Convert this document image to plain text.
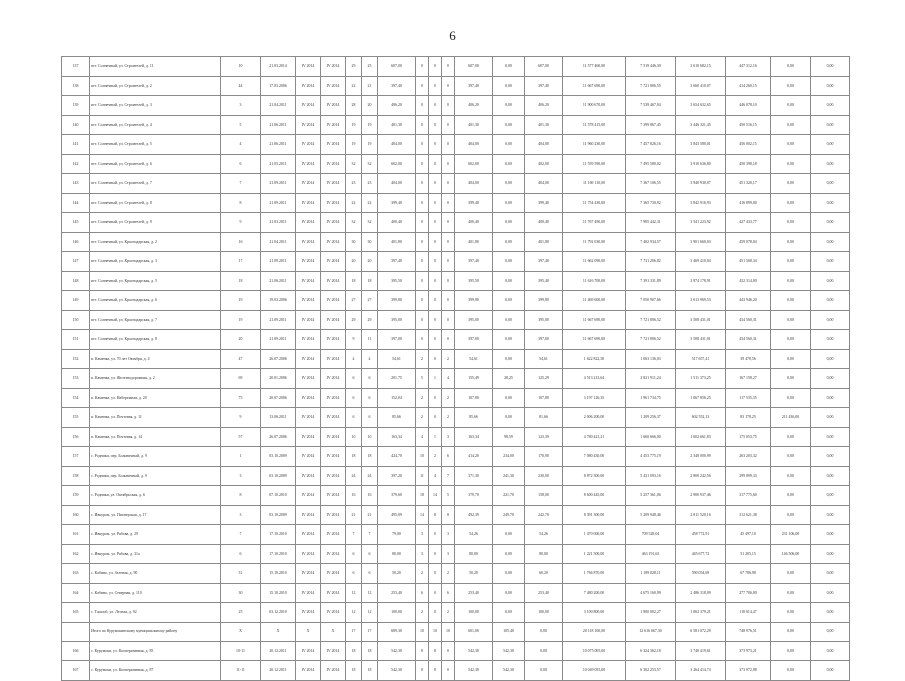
6
137	пгт. Солнечный, ул. Строителей, д. 11	10	21.03.2014	IV 2014	IV 2014	29	25	607,00	0	0	0	607,00	0,00	607,00	11 577 460,00	7 519 446,30	3 610 682,15	447 312,16	0,00	0,00
138	пгт. Солнечный, ул. Строителей, д. 2	44	17.03.2006	IV 2014	IV 2014	22	21	397,40	0	0	0	397,40	0,00	397,40	11 667 690,00	7 721 806,55	3 660 410,07	414 260,15	0,00	0,00
139	пгт. Солнечный, ул. Строителей, д. 3	3	21.04.2011	IV 2014	IV 2014	28	20	406,20	0	0	0	406,20	0,00	406,20	11 900 670,00	7 539 467,04	3 654 632,65	446 078,10	0,00	0,00
140	пгт. Солнечный, ул. Строителей, д. 4	5	21.06.2011	IV 2014	IV 2014	19	19	401,30	0	0	0	401,30	0,00	401,30	11 578 415,00	7 399 867,45	3 446 321,45	450 516,15	0,00	0,00
141	пгт. Солнечный, ул. Строителей, д. 5	4	21.06.2011	IV 2014	IV 2014	19	19	404,00	0	0	0	404,00	0,00	404,00	11 960 230,00	7 457 826,16	3 843 580,01	456 002,15	0,00	0,00
142	пгт. Солнечный, ул. Строителей, д. 6	6	21.05.2011	IV 2014	IV 2014	32	32	602,00	0	0	0	602,00	0,00	402,00	11 559 590,00	7 495 580,02	3 910 636,80	450 398,18	0,00	0,00
143	пгт. Солнечный, ул. Строителей, д. 7	7	21.09.2011	IV 2014	IV 2014	23	23	404,00	0	0	0	404,00	0,00	404,00	11 169 110,00	7 367 106,55	3 940 930,07	451 320,17	0,00	0,00
144	пгт. Солнечный, ул. Строителей, д. 8	8	21.09.2011	IV 2014	IV 2014	22	22	399,40	0	0	0	399,40	0,00	399,40	11 754 430,00	7 365 730,92	3 842 916,93	416 899,00	0,00	0,00
145	пгт. Солнечный, ул. Строителей, д. 9	9	21.03.2011	IV 2014	IV 2014	32	32	400,40	0	0	0	400,40	0,00	400,40	11 767 490,00	7 985 442,31	3 541 223,92	427 433,77	0,00	0,00
146	пгт. Солнечный, ул. Краснодарская, д. 2	16	21.04.2011	IV 2014	IV 2014	30	30	401,80	0	0	0	401,80	0,00	401,80	11 792 030,00	7 402 934,57	3 901 660,03	459 078,04	0,00	0,00
147	пгт. Солнечный, ул. Краснодарская, д. 3	17	21.09.2011	IV 2014	IV 2014	20	20	397,40	0	0	0	397,40	0,00	397,40	11 662 090,00	7 731 206,82	3 469 410,04	451 568,34	0,00	0,00
148	пгт. Солнечный, ул. Краснодарская, д. 5	18	21.06.2011	IV 2014	IV 2014	18	18	395,50	0	0	0	395,50	0,00	395,40	11 616 700,00	7 391 331,89	3 874 178,91	432 314,00	0,00	0,00
149	пгт. Солнечный, ул. Краснодарская, д. 6	19	19.03.2006	IV 2014	IV 2014	27	27	399,80	0	0	0	399,80	0,00	399,80	11 469 600,00	7 050 907,66	3 613 969,53	443 946,20	0,00	0,00
150	пгт. Солнечный, ул. Краснодарская, д. 7	19	21.09.2011	IV 2014	IV 2014	29	29	395,00	0	0	0	395,00	0,00	395,00	11 667 690,00	7 721 806,52	3 508 431,01	434 560,31	0,00	0,00
151	пгт. Солнечный, ул. Краснодарская, д. 8	20	21.09.2011	IV 2014	IV 2014	9	11	397,00	0	0	0	397,00	0,00	397,00	11 667 690,00	7 721 806,52	3 508 431,01	434 560,31	0,00	0,00
152	п. Каменка, ул. 70 лет Октября, д. 4	47	26.07.2006	IV 2014	IV 2014	4	4	54,61	2	0	2	54,61	0,00	54,61	1 622 822,50	1 063 136,03	517 657,41	39 478,56	0,00	0,00
153	п. Каменка, ул. Железнодорожная, д. 2	69	20.01.2006	IV 2014	IV 2014	6	6	201,75	5	1	4	155,49	28,25	125,29	4 513 213,64	2 821 911,24	1 511 373,25	167 158,27	0,00	0,00
154	п. Каменка, ул. Набережная, д. 20	75	20.07.2006	IV 2014	IV 2014	6	6	152,04	2	0	2	107,80	0,00	107,80	3 197 126,35	1 961 734,75	1 067 856,25	117 535,35	0,00	0,00
155	п. Каменка, ул. Почтовая, д. 11	9	13.06.2011	IV 2014	IV 2014	6	6	85,66	2	0	2	85,66	0,00	81,66	2 006 200,00	1 209 256,37	602 552,13	83 178,25	211 436,00	0,00
156	п. Каменка, ул. Почтовая, д. 14	57	26.07.2006	IV 2014	IV 2014	10	10	163,34	4	1	3	163,34	98,59	123,39	4 780 421,21	1 660 666,00	1 602 661,83	175 053,75	0,00	0,00
157	с. Родники, пер. Больничный, д. 9	1	03.10.2009	IV 2014	IV 2014	18	18	424,70	10	2	6	414,20	234,00	170,90	7 080 430,00	4 453 775,19	2 348 000,99	263 203,32	0,00	0,00
158	с. Родники, пер. Больничный, д. 9	3	03.10.2009	IV 2014	IV 2014	24	24	397,20	11	4	7	371,30	241,30	230,00	8 872 300,00	5 431 093,16	2 800 242,56	299 899,33	0,00	0,00
159	с. Родники, ул. Октябрьская, д. 6	8	07.10.2010	IV 2014	IV 2014	16	16	379,60	18	14	5	379,70	221,70	158,00	8 600 445,00	5 257 361,06	2 900 937,46	317 775,60	0,00	0,00
160	с. Ивкуром, ул. Пионерская, д. 17	3	03.10.2009	IV 2014	IV 2014	21	21	495,09	14	8	8	492,39	249,70	242,70	8 391 300,00	5 209 948,46	2 811 520,16	312 621,38	0,00	0,00
161	с. Ивкуром, ул. Рябова, д. 29	7	17.10.2010	IV 2014	IV 2014	7	7	79,00	3	0	3	54,26	0,00	54,26	1 470 000,00	709 528,04	458 772,91	45 497,10	231 106,00	0,00
162	с. Ивкуром, ул. Рябова, д. 31а	6	17.10.2010	IV 2014	IV 2014	6	6	80,00	3	0	3	80,00	0,00	80,00	1 221 500,00	463 191,63	445 677,72	51 205,15	146 506,00	0,00
163	с. Кабино, ул. Зеленая, д. 90	31	15.10.2010	IV 2014	IV 2014	6	6	50,20	2	0	2	50,20	0,00	60,20	1 766 870,00	1 189 028,11	590 054,69	67 786,98	0,00	0,00
164	с. Кабино, ул. Северная, д. 110	30	15.10.2010	IV 2014	IV 2014	12	12	253,40	6	0	6	253,40	0,00	253,40	7 480 200,00	4 675 160,99	2 486 318,09	277 706,00	0,00	0,00
165	с. Ташлоб, ул. Лесная, д. 92	25	03.12.2010	IV 2014	IV 2014	12	12	100,00	2	0	2	100,00	0,00	100,00	3 100 800,00	1 900 002,27	1 063 379,21	118 014,47	0,00	0,00
	Итого по Курумокинскому муниципальному району	X	X	X	X	17	17	689,30	10	10	10	601,00	105,40	0,00	20 118 100,00	12 616 667,30	6 581 072,29	748 976,51	0,00	0,00
166	с. Курумоки, ул. Кооперативная, д. 85	10-11	20.12.2011	IV 2014	IV 2014	18	18	542,30	8	8	0	542,30	542,30	0,00	10 075 005,00	6 324 362,18	3 740 419,61	373 973,21	0,00	0,00
167	с. Курумоки, ул. Кооперативная, д. 87	11-11	20.12.2011	IV 2014	IV 2014	18	18	542,30	8	8	0	542,30	542,30	0,00	10 049 055,00	6 302 253,57	3 264 414,74	373 972,98	0,00	0,00
